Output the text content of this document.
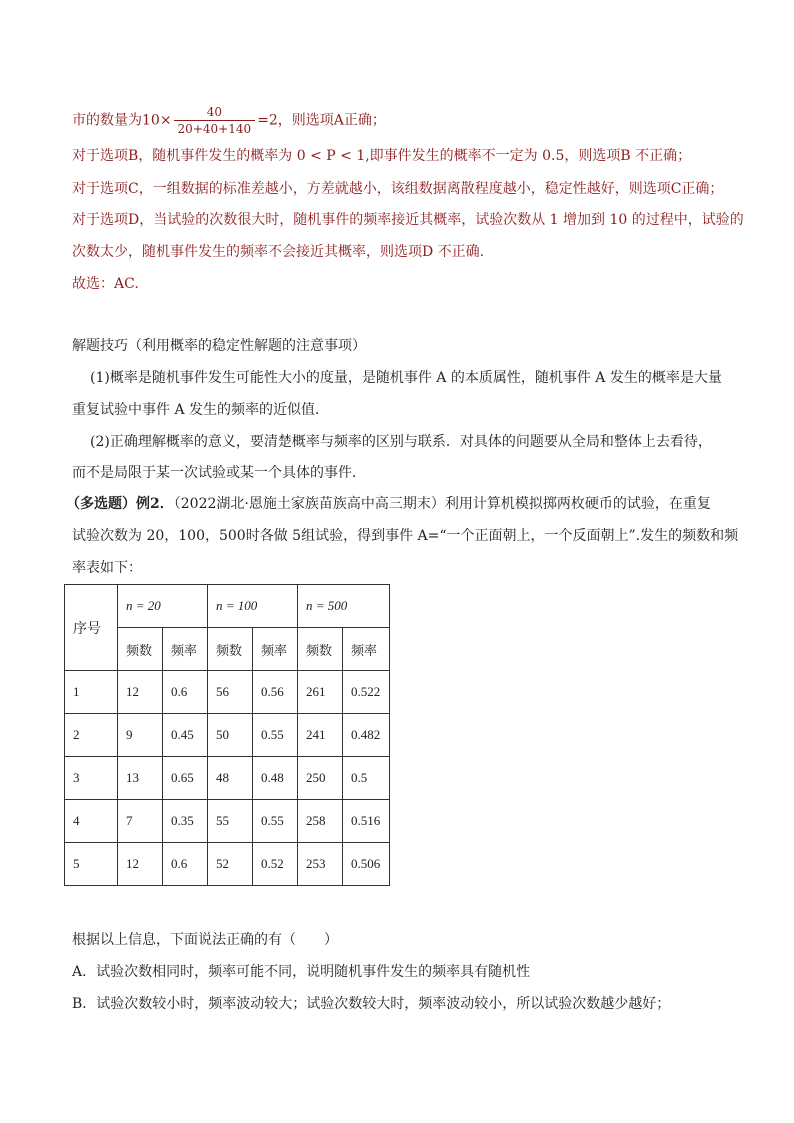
市的数量为$10\times \frac{40}{20+40+140} =2$，则选项A正确；
对于选项B，随机事件发生的概率为 0 < P < 1,即事件发生的概率不一定为 0.5，则选项B 不正确；
对于选项C，一组数据的标准差越小，方差就越小，该组数据离散程度越小，稳定性越好，则选项C正确；
对于选项D，当试验的次数很大时，随机事件的频率接近其概率，试验次数从 1 增加到 10 的过程中，试验的
次数太少，随机事件发生的频率不会接近其概率，则选项D 不正确.
故选：AC.
解题技巧（利用概率的稳定性解题的注意事项）
(1)概率是随机事件发生可能性大小的度量，是随机事件 A 的本质属性，随机事件 A 发生的概率是大量
重复试验中事件 A 发生的频率的近似值．
(2)正确理解概率的意义，要清楚概率与频率的区别与联系．对具体的问题要从全局和整体上去看待，
而不是局限于某一次试验或某一个具体的事件．
（多选题）例2．（2022湖北·恩施土家族苗族高中高三期末）利用计算机模拟掷两枚硬币的试验，在重复
试验次数为 20，100，500时各做 5组试验，得到事件 A=“一个正面朝上，一个反面朝上”.发生的频数和频
率表如下：
序号	n = 20		n = 100		n = 500	
	频数	频率	频数	频率	频数	频率
1	12	0.6	56	0.56	261	0.522
2	9	0.45	50	0.55	241	0.482
3	13	0.65	48	0.48	250	0.5
4	7	0.35	55	0.55	258	0.516
5	12	0.6	52	0.52	253	0.506
根据以上信息，下面说法正确的有（　　）
A．试验次数相同时，频率可能不同，说明随机事件发生的频率具有随机性
B．试验次数较小时，频率波动较大；试验次数较大时，频率波动较小，所以试验次数越少越好；
